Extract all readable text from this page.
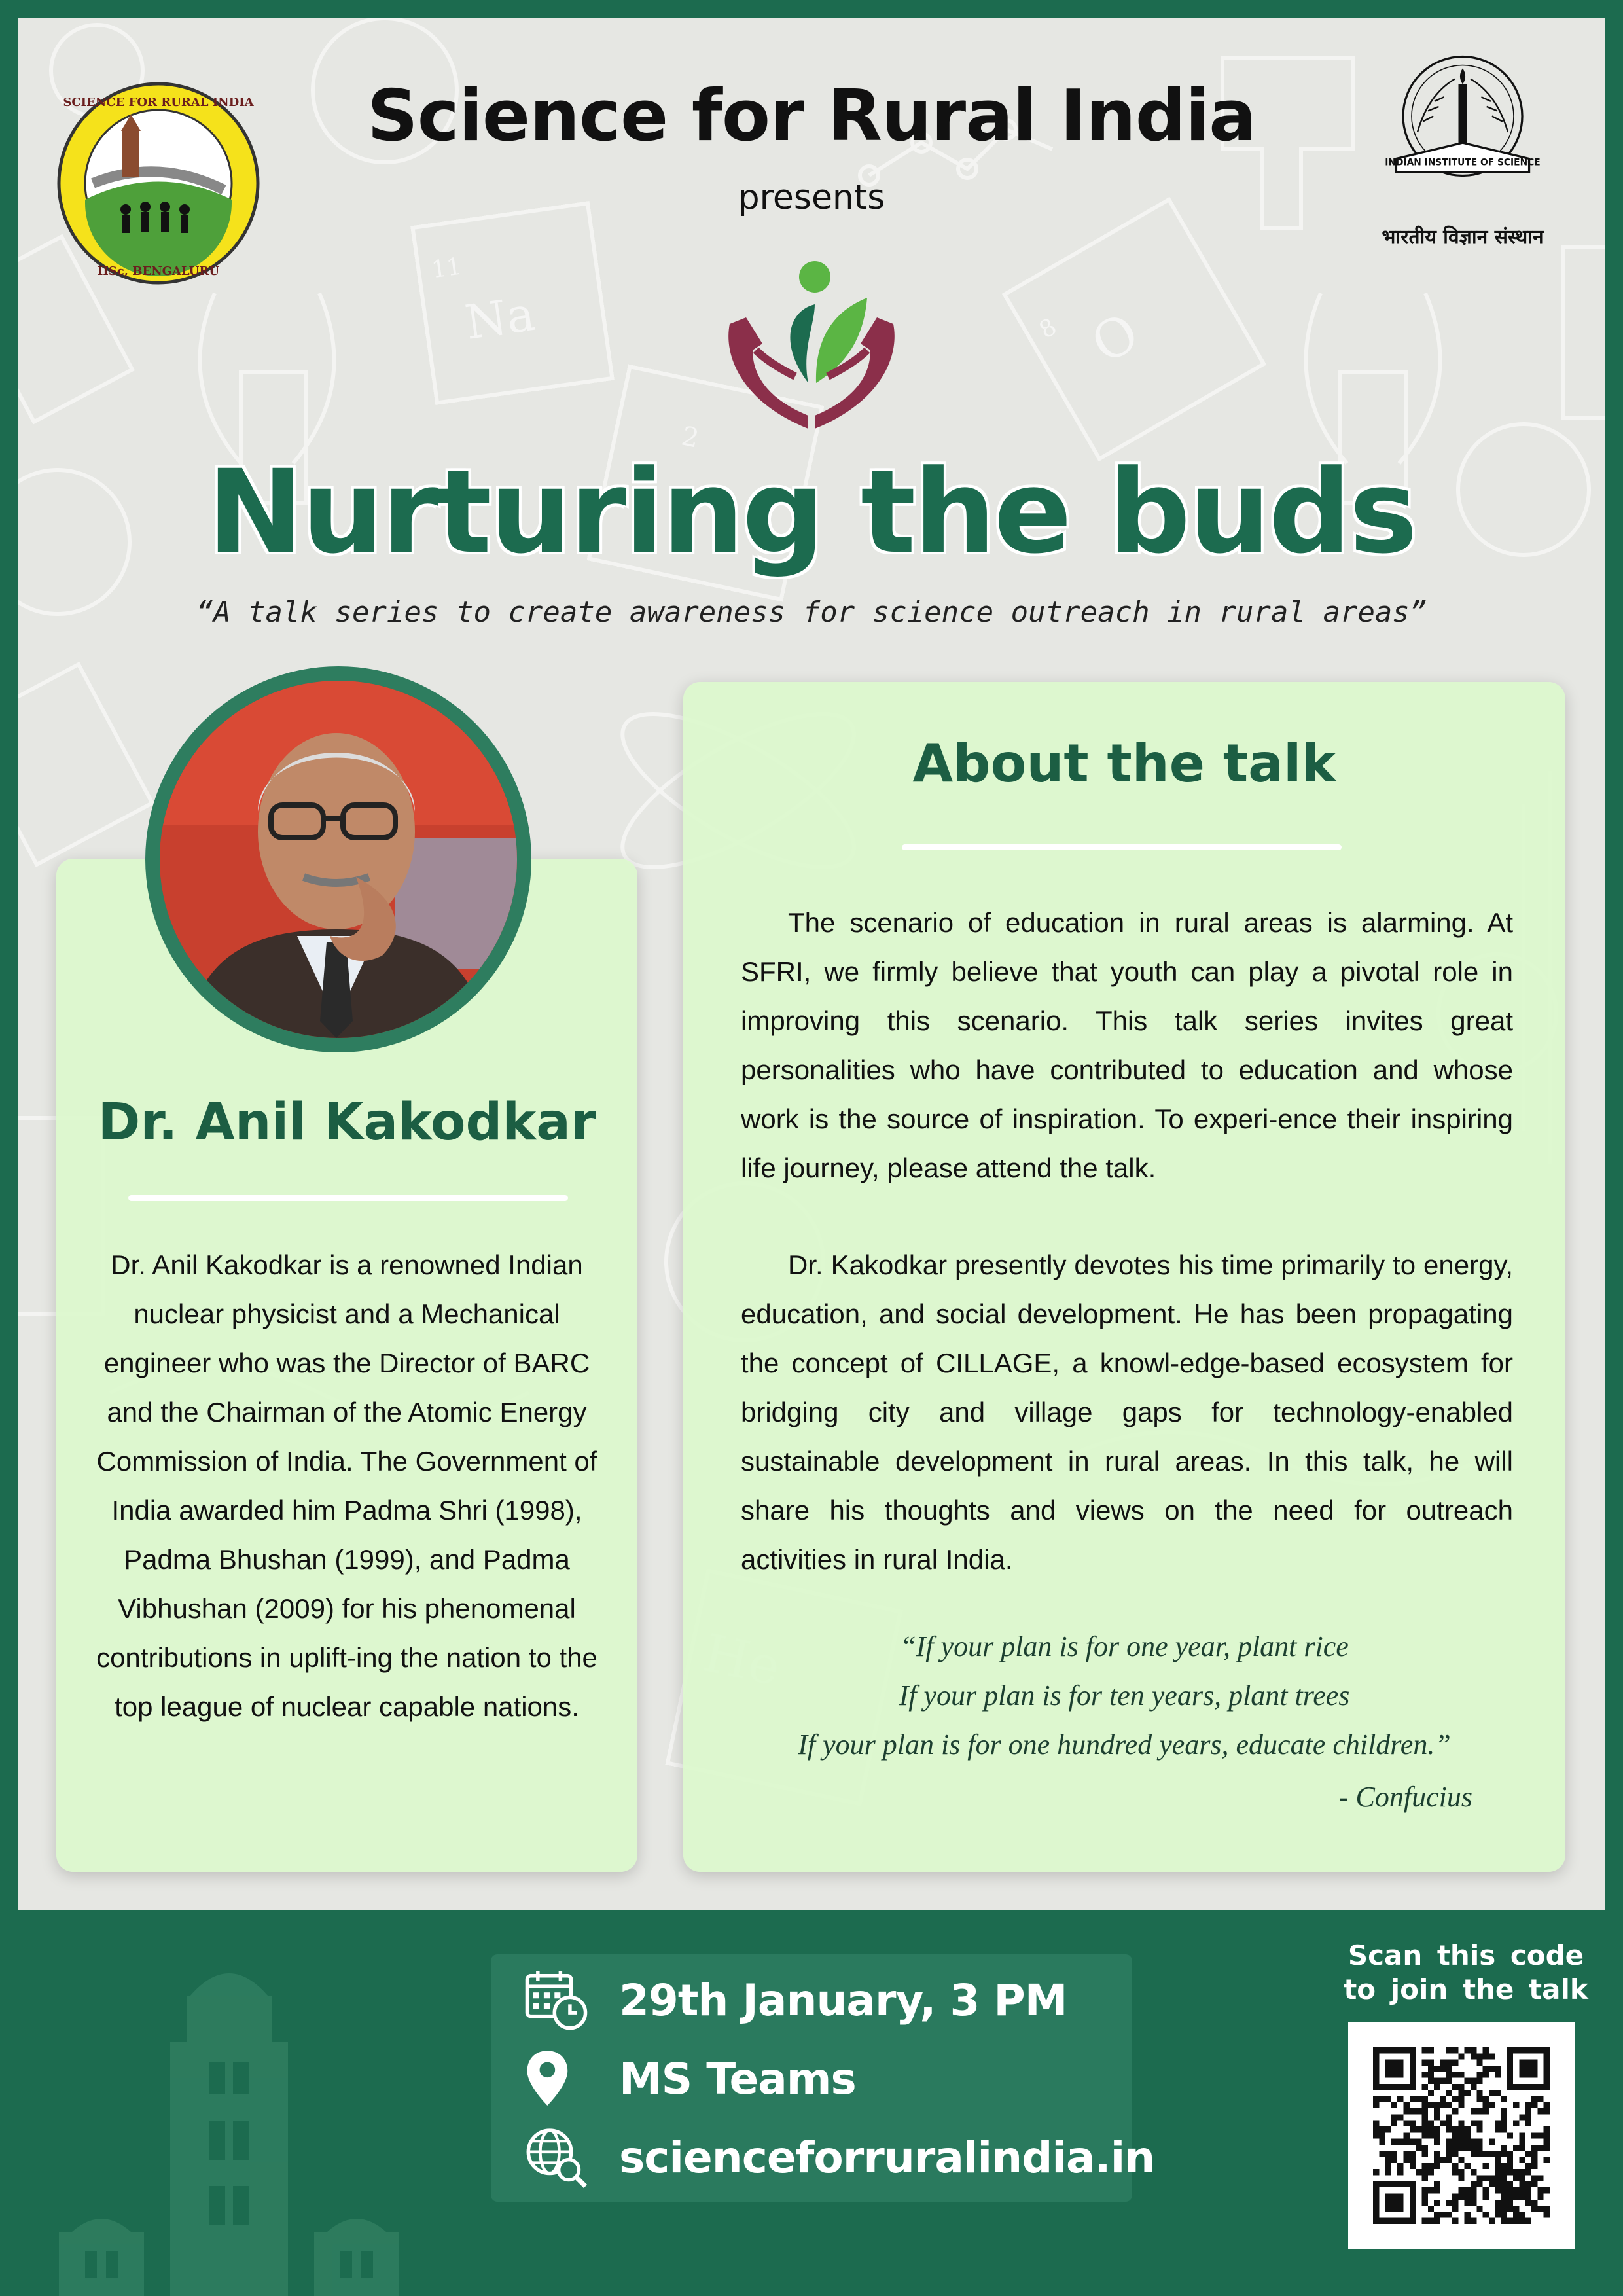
Na
11
O
8
2
IISc, BENGALURU
SCIENCE FOR RURAL INDIA	Science for Rural India
presents
INDIAN INSTITUTE OF SCIENCE
भारतीय विज्ञान संस्थान
Nurturing the buds
“A talk series to create awareness for science outreach in rural areas”
Dr. Anil Kakodkar
Dr. Anil Kakodkar is a renowned Indian nuclear physicist and a Mechanical engineer who was the Director of BARC and the Chairman of the Atomic Energy Commission of India. The Government of India awarded him Padma Shri (1998), Padma Bhushan (1999), and Padma Vibhushan (2009) for his phenomenal contributions in uplift-ing the nation to the top league of nuclear capable nations.
About the talk
The scenario of education in rural areas is alarming. At SFRI, we firmly believe that youth can play a pivotal role in improving this scenario. This talk series invites great personalities who have contributed to education and whose work is the source of inspiration. To experi-ence their inspiring life journey, please attend the talk.
Dr. Kakodkar presently devotes his time primarily to energy, education, and social development. He has been propagating the concept of CILLAGE, a knowl-edge-based ecosystem for bridging city and village gaps for technology-enabled sustainable development in rural areas. In this talk, he will share his thoughts and views on the need for outreach activities in rural India.
“If your plan is for one year, plant rice
If your plan is for ten years, plant trees
If your plan is for one hundred years, educate children.”
- Confucius
29th January, 3 PM
MS Teams
scienceforruralindia.in
Scan this code
to join the talk
